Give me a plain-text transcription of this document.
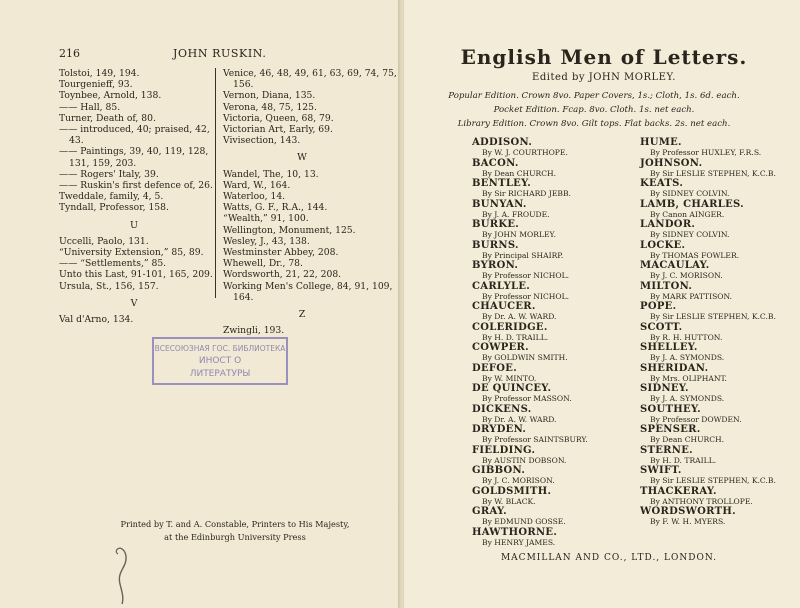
216	JOHN RUSKIN.
Tolstoi, 149, 194.
Tourgenieff, 93.
Toynbee, Arnold, 138.
—— Hall, 85.
Turner, Death of, 80.
—— introduced, 40; praised, 42,
43.
—— Paintings, 39, 40, 119, 128,
131, 159, 203.
—— Rogers' Italy, 39.
—— Ruskin's first defence of, 26.
Tweddale, family, 4, 5.
Tyndall, Professor, 158.
U
Uccelli, Paolo, 131.
“University Extension,” 85, 89.
—— “Settlements,” 85.
Unto this Last, 91-101, 165, 209.
Ursula, St., 156, 157.
V
Val d'Arno, 134.
Venice, 46, 48, 49, 61, 63, 69, 74, 75,
156.
Vernon, Diana, 135.
Verona, 48, 75, 125.
Victoria, Queen, 68, 79.
Victorian Art, Early, 69.
Vivisection, 143.
W
Wandel, The, 10, 13.
Ward, W., 164.
Waterloo, 14.
Watts, G. F., R.A., 144.
“Wealth,” 91, 100.
Wellington, Monument, 125.
Wesley, J., 43, 138.
Westminster Abbey, 208.
Whewell, Dr., 78.
Wordsworth, 21, 22, 208.
Working Men's College, 84, 91, 109,
164.
Z
Zwingli, 193.
ВСЕСОЮЗНАЯ ГОС. БИБЛИОТЕКА
ИНОСТ О
ЛИТЕРАТУРЫ
Printed by T. and A. Constable, Printers to His Majesty,
at the Edinburgh University Press
English Men of Letters.
Edited by JOHN MORLEY.
Popular Edition. Crown 8vo. Paper Covers, 1s.; Cloth, 1s. 6d. each.
Pocket Edition. Fcap. 8vo. Cloth. 1s. net each.
Library Edition. Crown 8vo. Gilt tops. Flat backs. 2s. net each.
ADDISON.
By W. J. COURTHOPE.
BACON.
By Dean CHURCH.
BENTLEY.
By Sir RICHARD JEBB.
BUNYAN.
By J. A. FROUDE.
BURKE.
By JOHN MORLEY.
BURNS.
By Principal SHAIRP.
BYRON.
By Professor NICHOL.
CARLYLE.
By Professor NICHOL.
CHAUCER.
By Dr. A. W. WARD.
COLERIDGE.
By H. D. TRAILL.
COWPER.
By GOLDWIN SMITH.
DEFOE.
By W. MINTO.
DE QUINCEY.
By Professor MASSON.
DICKENS.
By Dr. A. W. WARD.
DRYDEN.
By Professor SAINTSBURY.
FIELDING.
By AUSTIN DOBSON.
GIBBON.
By J. C. MORISON.
GOLDSMITH.
By W. BLACK.
GRAY.
By EDMUND GOSSE.
HAWTHORNE.
By HENRY JAMES.
HUME.
By Professor HUXLEY, F.R.S.
JOHNSON.
By Sir LESLIE STEPHEN, K.C.B.
KEATS.
By SIDNEY COLVIN.
LAMB, CHARLES.
By Canon AINGER.
LANDOR.
By SIDNEY COLVIN.
LOCKE.
By THOMAS FOWLER.
MACAULAY.
By J. C. MORISON.
MILTON.
By MARK PATTISON.
POPE.
By Sir LESLIE STEPHEN, K.C.B.
SCOTT.
By R. H. HUTTON.
SHELLEY.
By J. A. SYMONDS.
SHERIDAN.
By Mrs. OLIPHANT.
SIDNEY.
By J. A. SYMONDS.
SOUTHEY.
By Professor DOWDEN.
SPENSER.
By Dean CHURCH.
STERNE.
By H. D. TRAILL.
SWIFT.
By Sir LESLIE STEPHEN, K.C.B.
THACKERAY.
By ANTHONY TROLLOPE.
WORDSWORTH.
By F. W. H. MYERS.
MACMILLAN AND CO., LTD., LONDON.
